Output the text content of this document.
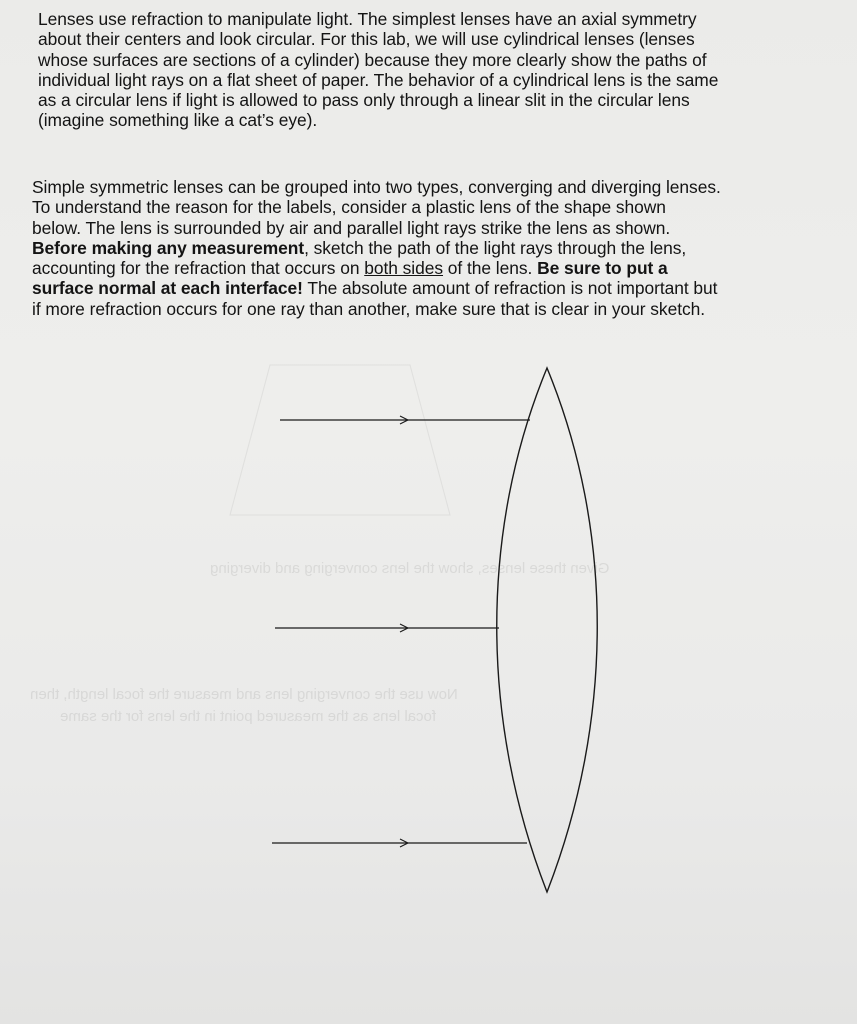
Given these lenses, show the lens converging and diverging
Now use the converging lens and measure the focal length, then
focal lens as the measured point in the lens for the same
Lenses use refraction to manipulate light. The simplest lenses have an axial symmetry
about their centers and look circular. For this lab, we will use cylindrical lenses (lenses
whose surfaces are sections of a cylinder) because they more clearly show the paths of
individual light rays on a flat sheet of paper. The behavior of a cylindrical lens is the same
as a circular lens if light is allowed to pass only through a linear slit in the circular lens
(imagine something like a cat’s eye).
Simple symmetric lenses can be grouped into two types, converging and diverging lenses.
To understand the reason for the labels, consider a plastic lens of the shape shown
below. The lens is surrounded by air and parallel light rays strike the lens as shown.
Before making any measurement, sketch the path of the light rays through the lens,
accounting for the refraction that occurs on both sides of the lens. Be sure to put a
surface normal at each interface! The absolute amount of refraction is not important but
if more refraction occurs for one ray than another, make sure that is clear in your sketch.
